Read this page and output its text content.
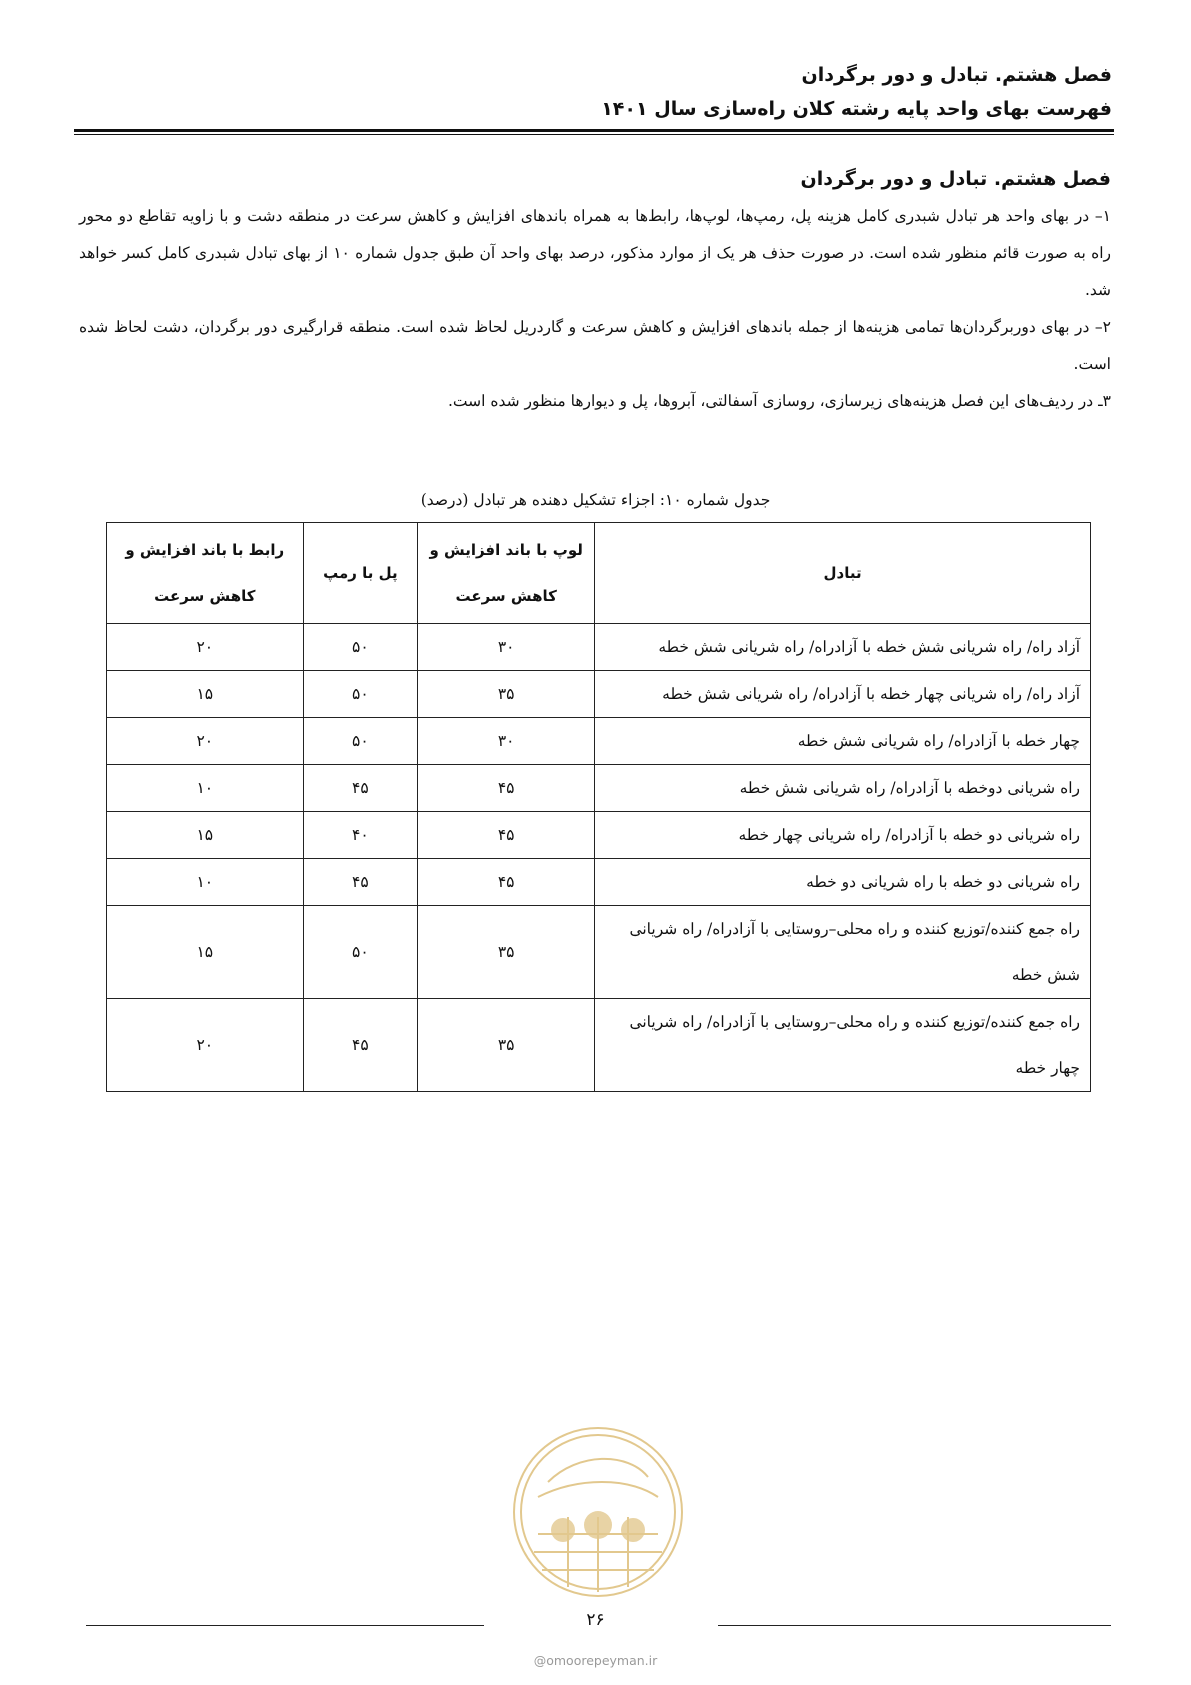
فصل هشتم. تبادل و دور برگردان
فهرست بهای واحد پایه رشته کلان راه‌سازی سال ۱۴۰۱
فصل هشتم. تبادل و دور برگردان

۱– در بهای واحد هر تبادل شبدری کامل هزینه پل، رمپ‌ها، لوپ‌ها، رابط‌ها به همراه باندهای افزایش و کاهش سرعت در منطقه دشت و با زاویه تقاطع دو محور راه به صورت قائم منظور شده است. در صورت حذف هر یک از موارد مذکور، درصد بهای واحد آن طبق جدول شماره ۱۰ از بهای تبادل شبدری کامل کسر خواهد شد.

۲– در بهای دوربرگردان‌ها تمامی هزینه‌ها از جمله باندهای افزایش و کاهش سرعت و گاردریل لحاظ شده است. منطقه قرارگیری دور برگردان، دشت لحاظ شده است.

۳ـ در ردیف‌های این فصل هزینه‌های زیرسازی، روسازی آسفالتی، آبروها، پل و دیوارها منظور شده است.

جدول شماره ۱۰: اجزاء تشکیل دهنده هر تبادل (درصد)
تبادل	لوپ با باند افزایش و کاهش سرعت	پل با رمپ	رابط با باند افزایش و کاهش سرعت
آزاد راه/ راه شریانی شش خطه با آزادراه/ راه شریانی شش خطه	۳۰	۵۰	۲۰
آزاد راه/ راه شریانی چهار خطه با آزادراه/ راه شریانی شش خطه	۳۵	۵۰	۱۵
چهار خطه با آزادراه/ راه شریانی شش خطه	۳۰	۵۰	۲۰
راه شریانی دوخطه با آزادراه/ راه شریانی شش خطه	۴۵	۴۵	۱۰
راه شریانی دو خطه با آزادراه/ راه شریانی چهار خطه	۴۵	۴۰	۱۵
راه شریانی دو خطه با راه شریانی دو خطه	۴۵	۴۵	۱۰
راه جمع کننده/توزیع کننده و راه محلی–روستایی با آزادراه/ راه شریانی شش خطه	۳۵	۵۰	۱۵
راه جمع کننده/توزیع کننده و راه محلی–روستایی با آزادراه/ راه شریانی چهار خطه	۳۵	۴۵	۲۰
۲۶
@omoorepeyman.ir
